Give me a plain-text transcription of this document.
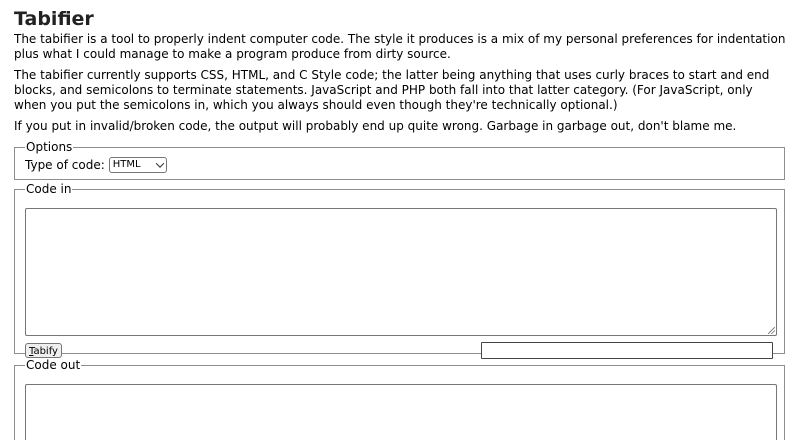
Tabifier

The tabifier is a tool to properly indent computer code. The style it produces is a mix of my personal preferences for indentation plus what I could manage to make a program produce from dirty source.

The tabifier currently supports CSS, HTML, and C Style code; the latter being anything that uses curly braces to start and end blocks, and semicolons to terminate statements. JavaScript and PHP both fall into that latter category. (For JavaScript, only when you put the semicolons in, which you always should even though they're technically optional.)

If you put in invalid/broken code, the output will probably end up quite wrong. Garbage in garbage out, don't blame me.

Options
Type of code: HTML
Code in
Tabify
Code out
